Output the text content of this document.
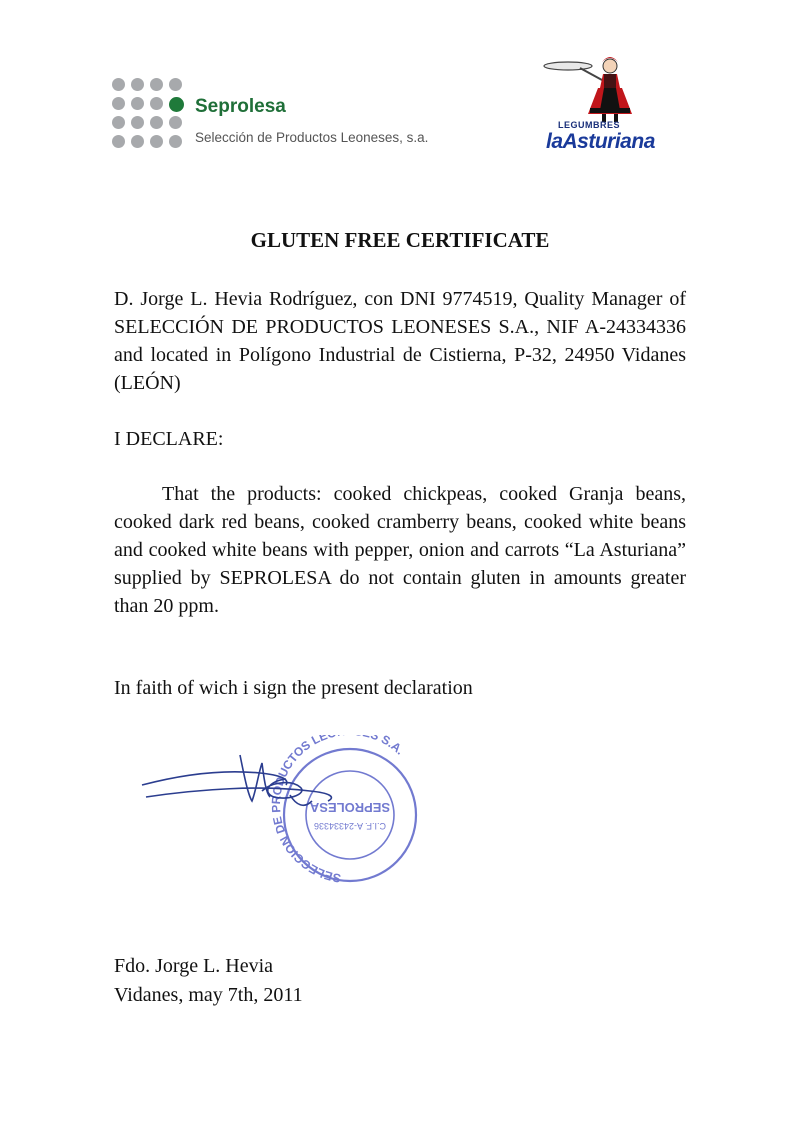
Seprolesa
Selección de Productos Leoneses, s.a.
LEGUMBRES
laAsturiana
GLUTEN FREE CERTIFICATE

D. Jorge L. Hevia Rodríguez, con DNI 9774519, Quality Manager of SELECCIÓN DE PRODUCTOS LEONESES S.A., NIF A-24334336 and located in Polígono Industrial de Cistierna, P-32, 24950 Vidanes (LEÓN)

I DECLARE:

That the products: cooked chickpeas, cooked Granja beans, cooked dark red beans, cooked cramberry beans, cooked white beans and cooked white beans with pepper, onion and carrots “La Asturiana” supplied by SEPROLESA do not contain gluten in amounts greater than 20 ppm.

In faith of wich i sign the present declaration

SELECCION DE PRODUCTOS LE S S.A.
C.I.F. A-24334336
SEPROLESA
Fdo. Jorge L. Hevia
Vidanes, may 7th, 2011
